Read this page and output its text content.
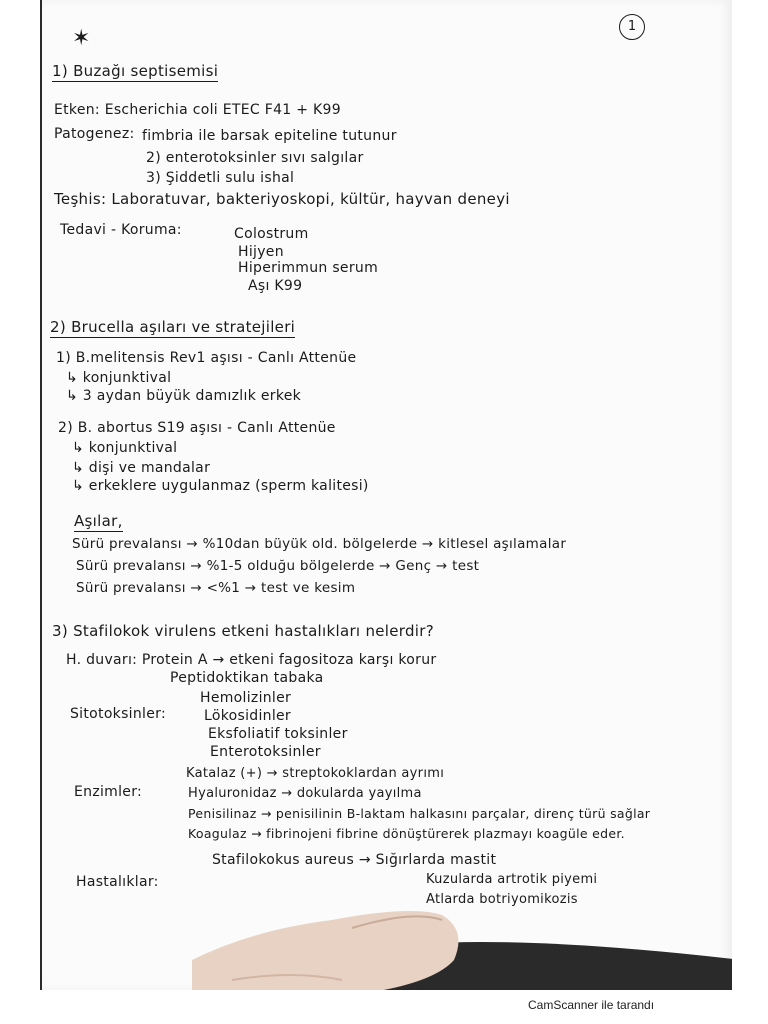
1
✶
1) Buzağı septisemisi
Etken: Escherichia coli ETEC F41 + K99
Patogenez: fimbria ile barsak epiteline tutunur
2) enterotoksinler sıvı salgılar
3) Şiddetli sulu ishal
Teşhis: Laboratuvar, bakteriyoskopi, kültür, hayvan deneyi
Tedavi - Koruma:	Colostrum
Hijyen
Hiperimmun serum
Aşı K99
2) Brucella aşıları ve stratejileri
1) B.melitensis Rev1 aşısı - Canlı Attenüe
↳ konjunktival
↳ 3 aydan büyük damızlık erkek
2) B. abortus S19 aşısı - Canlı Attenüe
↳ konjunktival
↳ dişi ve mandalar
↳ erkeklere uygulanmaz (sperm kalitesi)
Aşılar,
Sürü prevalansı → %10dan büyük old. bölgelerde → kitlesel aşılamalar
Sürü prevalansı → %1-5 olduğu bölgelerde → Genç → test
Sürü prevalansı → <%1 → test ve kesim
3) Stafilokok virulens etkeni hastalıkları nelerdir?
H. duvarı: Protein A → etkeni fagositoza karşı korur
Peptidoktikan tabaka
Sitotoksinler:
Hemolizinler
Lökosidinler
Eksfoliatif toksinler
Enterotoksinler
Enzimler:
Katalaz (+) → streptokoklardan ayrımı
Hyaluronidaz → dokularda yayılma
Penisilinaz → penisilinin B-laktam halkasını parçalar, direnç türü sağlar
Koagulaz → fibrinojeni fibrine dönüştürerek plazmayı koagüle eder.
Hastalıklar:
Stafilokokus aureus → Sığırlarda mastit
Kuzularda artrotik piyemi
Atlarda botriyomikozis
CamScanner ile tarandı
